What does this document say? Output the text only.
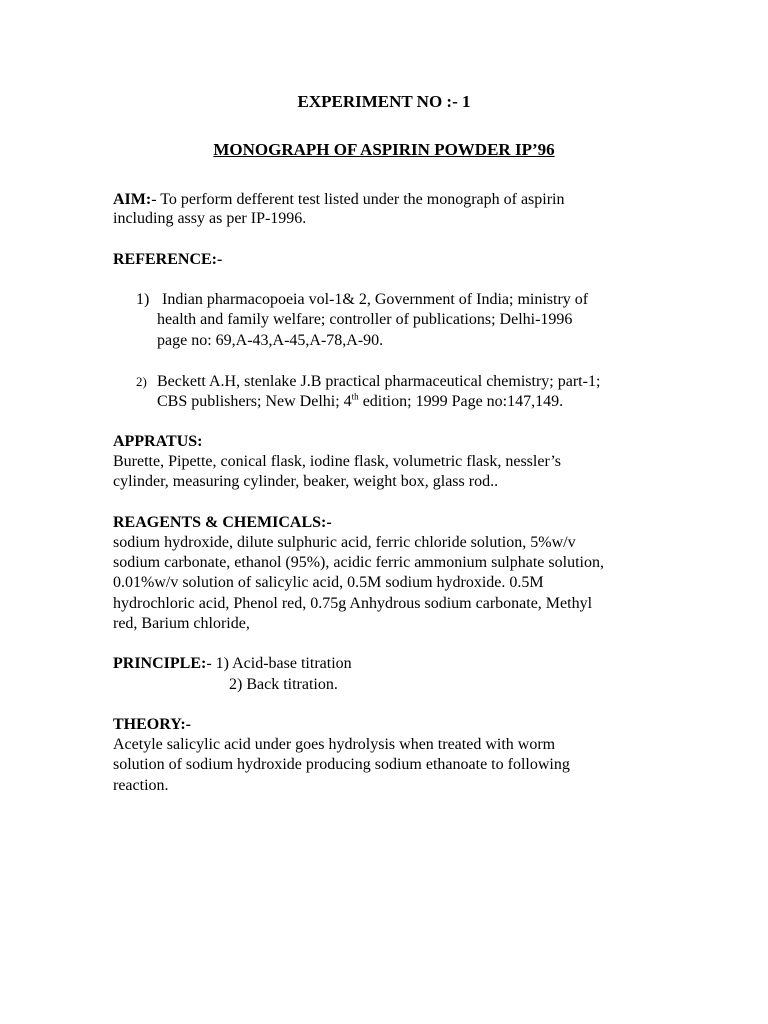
EXPERIMENT NO :- 1
MONOGRAPH OF ASPIRIN POWDER IP’96
AIM:- To perform defferent test listed under the monograph of aspirin
including assy as per IP-1996.
REFERENCE:-
1) Indian pharmacopoeia vol-1& 2, Government of India; ministry of
health and family welfare; controller of publications; Delhi-1996
page no: 69,A-43,A-45,A-78,A-90.
2) Beckett A.H, stenlake J.B practical pharmaceutical chemistry; part-1;
CBS publishers; New Delhi; 4th edition; 1999 Page no:147,149.
APPRATUS:
Burette, Pipette, conical flask, iodine flask, volumetric flask, nessler’s
cylinder, measuring cylinder, beaker, weight box, glass rod..
REAGENTS & CHEMICALS:-
sodium hydroxide, dilute sulphuric acid, ferric chloride solution, 5%w/v
sodium carbonate, ethanol (95%), acidic ferric ammonium sulphate solution,
0.01%w/v solution of salicylic acid, 0.5M sodium hydroxide. 0.5M
hydrochloric acid, Phenol red, 0.75g Anhydrous sodium carbonate, Methyl
red, Barium chloride,
PRINCIPLE:- 1) Acid-base titration
2) Back titration.
THEORY:-
Acetyle salicylic acid under goes hydrolysis when treated with worm
solution of sodium hydroxide producing sodium ethanoate to following
reaction.
